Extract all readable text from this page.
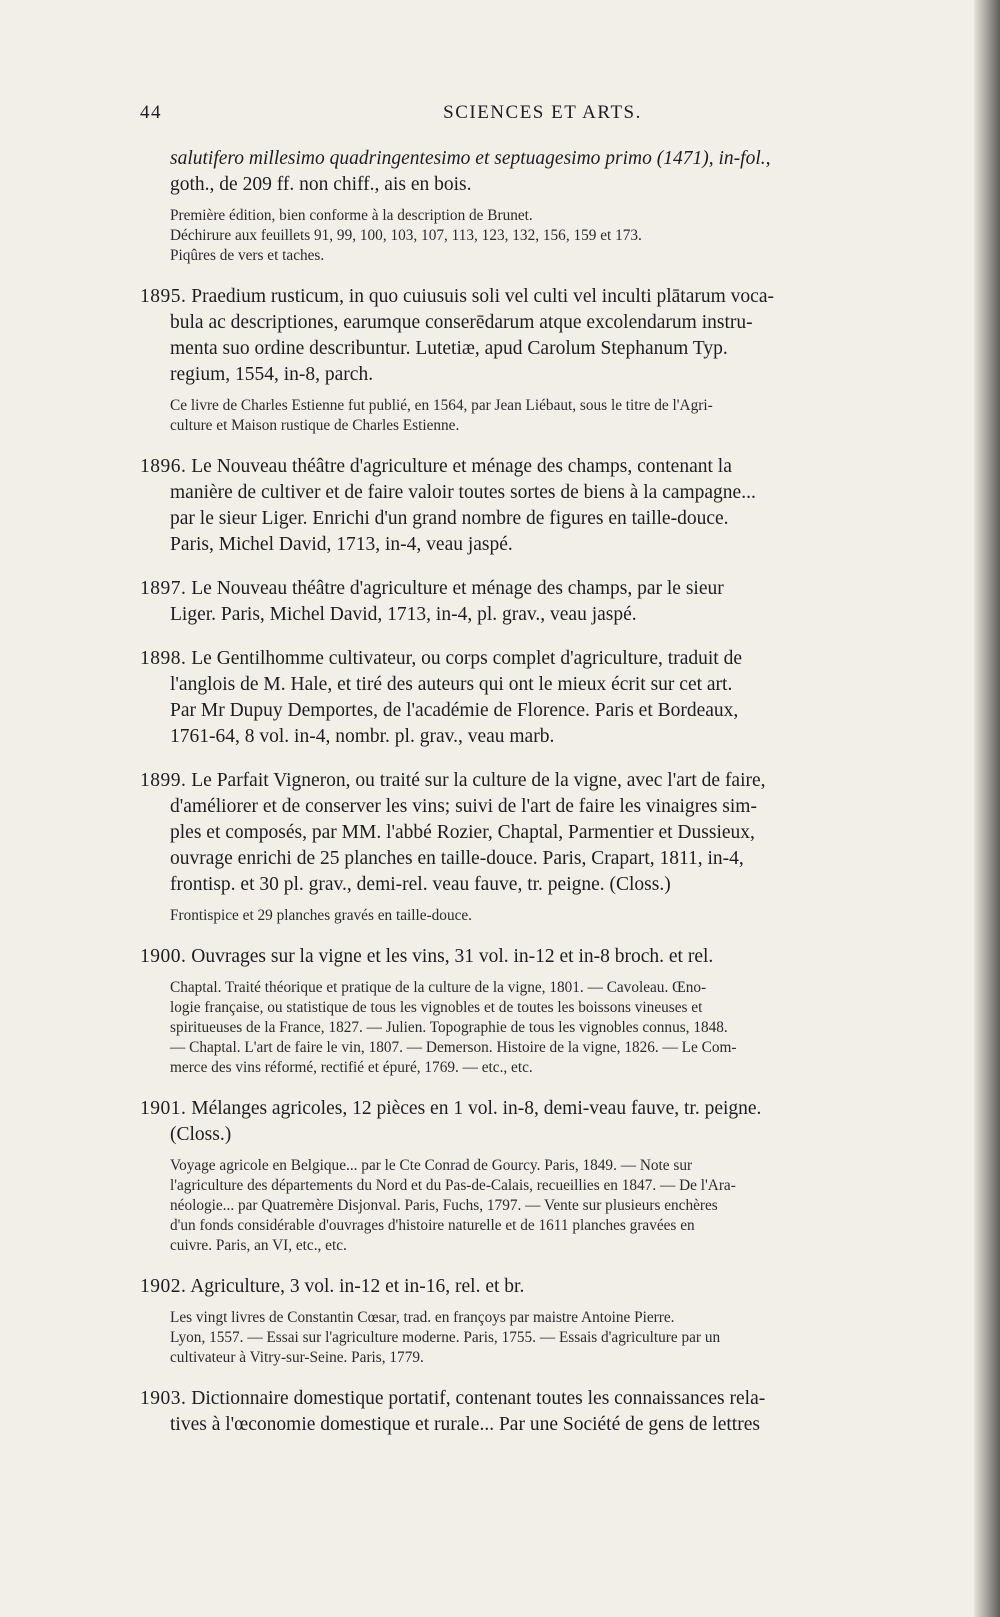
44	SCIENCES ET ARTS.

salutifero millesimo quadringentesimo et septuagesimo primo (1471), in-fol.,

goth., de 209 ff. non chiff., ais en bois.

Première édition, bien conforme à la description de Brunet.

Déchirure aux feuillets 91, 99, 100, 103, 107, 113, 123, 132, 156, 159 et 173.

Piqûres de vers et taches.

1895. Praedium rusticum, in quo cuiusuis soli vel culti vel inculti plātarum voca-

bula ac descriptiones, earumque conserēdarum atque excolendarum instru-

menta suo ordine describuntur. Lutetiæ, apud Carolum Stephanum Typ.

regium, 1554, in-8, parch.

Ce livre de Charles Estienne fut publié, en 1564, par Jean Liébaut, sous le titre de l'Agri-

culture et Maison rustique de Charles Estienne.

1896. Le Nouveau théâtre d'agriculture et ménage des champs, contenant la

manière de cultiver et de faire valoir toutes sortes de biens à la campagne...

par le sieur Liger. Enrichi d'un grand nombre de figures en taille-douce.

Paris, Michel David, 1713, in-4, veau jaspé.

1897. Le Nouveau théâtre d'agriculture et ménage des champs, par le sieur

Liger. Paris, Michel David, 1713, in-4, pl. grav., veau jaspé.

1898. Le Gentilhomme cultivateur, ou corps complet d'agriculture, traduit de

l'anglois de M. Hale, et tiré des auteurs qui ont le mieux écrit sur cet art.

Par Mr Dupuy Demportes, de l'académie de Florence. Paris et Bordeaux,

1761-64, 8 vol. in-4, nombr. pl. grav., veau marb.

1899. Le Parfait Vigneron, ou traité sur la culture de la vigne, avec l'art de faire,

d'améliorer et de conserver les vins; suivi de l'art de faire les vinaigres sim-

ples et composés, par MM. l'abbé Rozier, Chaptal, Parmentier et Dussieux,

ouvrage enrichi de 25 planches en taille-douce. Paris, Crapart, 1811, in-4,

frontisp. et 30 pl. grav., demi-rel. veau fauve, tr. peigne. (Closs.)

Frontispice et 29 planches gravés en taille-douce.

1900. Ouvrages sur la vigne et les vins, 31 vol. in-12 et in-8 broch. et rel.

Chaptal. Traité théorique et pratique de la culture de la vigne, 1801. — Cavoleau. Œno-

logie française, ou statistique de tous les vignobles et de toutes les boissons vineuses et

spiritueuses de la France, 1827. — Julien. Topographie de tous les vignobles connus, 1848.

— Chaptal. L'art de faire le vin, 1807. — Demerson. Histoire de la vigne, 1826. — Le Com-

merce des vins réformé, rectifié et épuré, 1769. — etc., etc.

1901. Mélanges agricoles, 12 pièces en 1 vol. in-8, demi-veau fauve, tr. peigne.

(Closs.)

Voyage agricole en Belgique... par le Cte Conrad de Gourcy. Paris, 1849. — Note sur

l'agriculture des départements du Nord et du Pas-de-Calais, recueillies en 1847. — De l'Ara-

néologie... par Quatremère Disjonval. Paris, Fuchs, 1797. — Vente sur plusieurs enchères

d'un fonds considérable d'ouvrages d'histoire naturelle et de 1611 planches gravées en

cuivre. Paris, an VI, etc., etc.

1902. Agriculture, 3 vol. in-12 et in-16, rel. et br.

Les vingt livres de Constantin Cœsar, trad. en françoys par maistre Antoine Pierre.

Lyon, 1557. — Essai sur l'agriculture moderne. Paris, 1755. — Essais d'agriculture par un

cultivateur à Vitry-sur-Seine. Paris, 1779.

1903. Dictionnaire domestique portatif, contenant toutes les connaissances rela-

tives à l'œconomie domestique et rurale... Par une Société de gens de lettres
